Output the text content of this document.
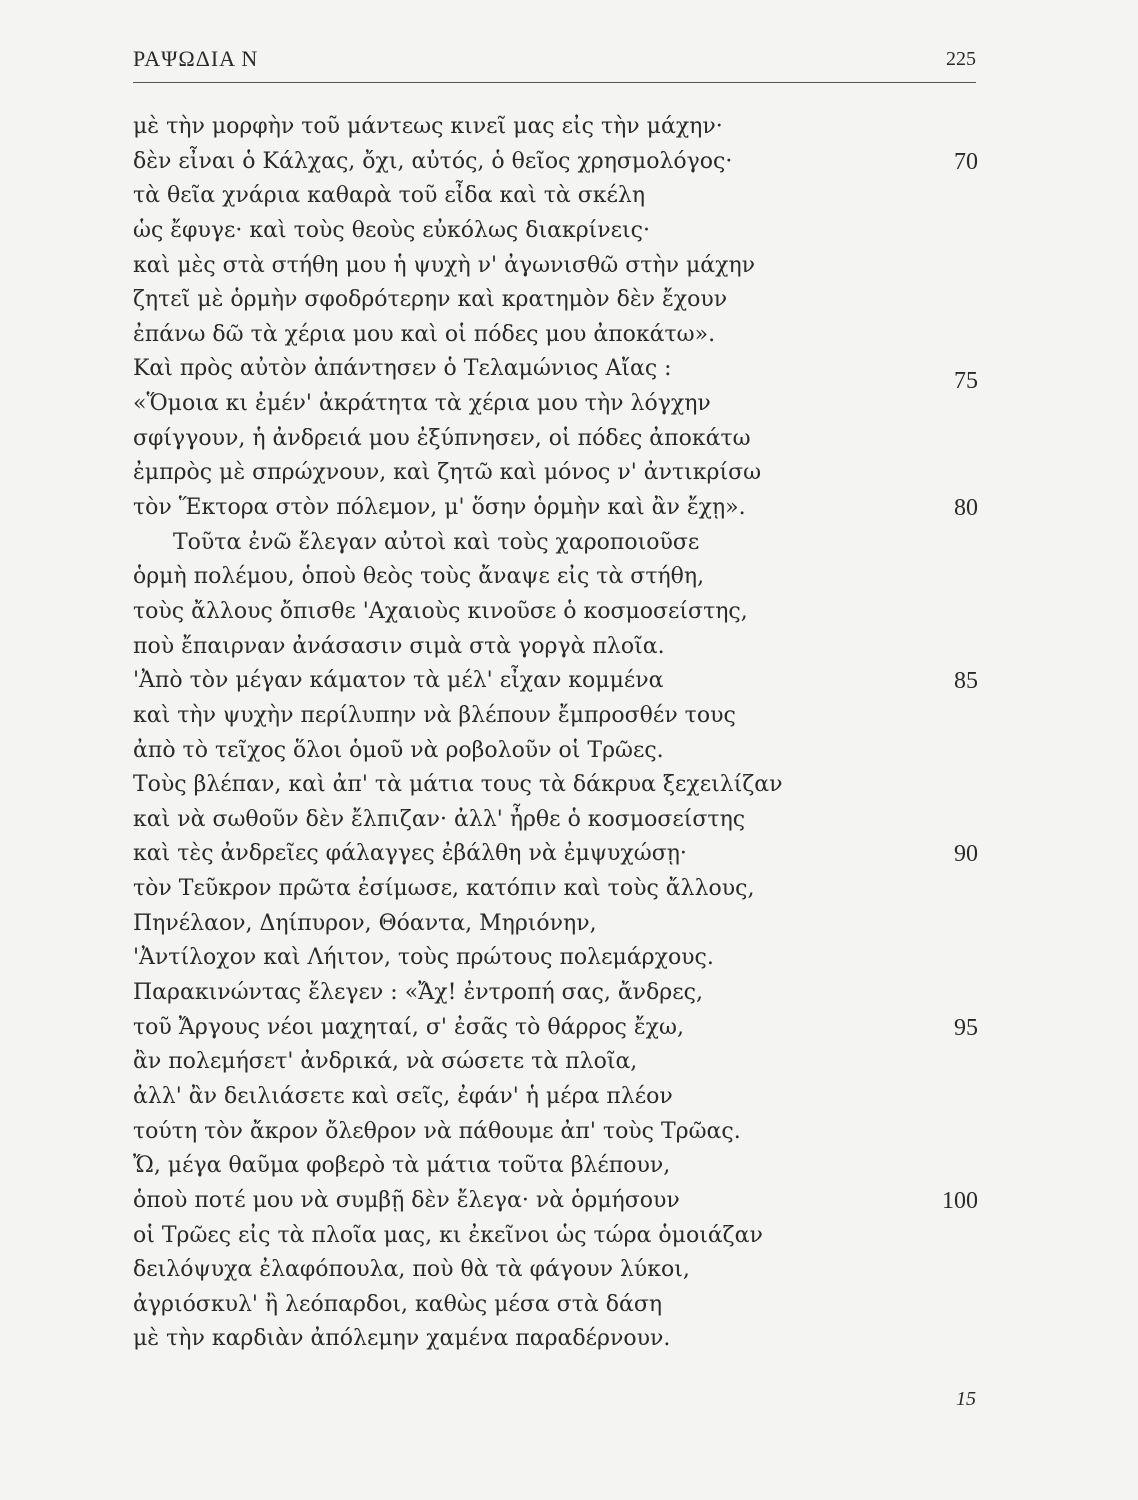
ΡΑΨΩΔΙΑ Ν	225
μὲ τὴν μορφὴν τοῦ μάντεως κινεῖ μας εἰς τὴν μάχην·
δὲν εἶναι ὁ Κάλχας, ὄχι, αὐτός, ὁ θεῖος χρησμολόγος·	70
τὰ θεῖα χνάρια καθαρὰ τοῦ εἶδα καὶ τὰ σκέλη
ὡς ἔφυγε· καὶ τοὺς θεοὺς εὐκόλως διακρίνεις·
καὶ μὲς στὰ στήθη μου ἡ ψυχὴ ν' ἀγωνισθῶ στὴν μάχην
ζητεῖ μὲ ὁρμὴν σφοδρότερην καὶ κρατημὸν δὲν ἔχουν
ἐπάνω δῶ τὰ χέρια μου καὶ οἱ πόδες μου ἀποκάτω».
Καὶ πρὸς αὐτὸν ἀπάντησεν ὁ Τελαμώνιος Αἴας :	75
«Ὅμοια κι ἐμέν' ἀκράτητα τὰ χέρια μου τὴν λόγχην
σφίγγουν, ἡ ἀνδρειά μου ἐξύπνησεν, οἱ πόδες ἀποκάτω
ἐμπρὸς μὲ σπρώχνουν, καὶ ζητῶ καὶ μόνος ν' ἀντικρίσω
τὸν Ἕκτορα στὸν πόλεμον, μ' ὅσην ὁρμὴν καὶ ἂν ἔχῃ».	80
Τοῦτα ἐνῶ ἔλεγαν αὐτοὶ καὶ τοὺς χαροποιοῦσε
ὁρμὴ πολέμου, ὁποὺ θεὸς τοὺς ἄναψε εἰς τὰ στήθη,
τοὺς ἄλλους ὄπισθε 'Αχαιοὺς κινοῦσε ὁ κοσμοσείστης,
ποὺ ἔπαιρναν ἀνάσασιν σιμὰ στὰ γοργὰ πλοῖα.
'Ἀπὸ τὸν μέγαν κάματον τὰ μέλ' εἶχαν κομμένα	85
καὶ τὴν ψυχὴν περίλυπην νὰ βλέπουν ἔμπροσθέν τους
ἀπὸ τὸ τεῖχος ὅλοι ὁμοῦ νὰ ροβολοῦν οἱ Τρῶες.
Τοὺς βλέπαν, καὶ ἀπ' τὰ μάτια τους τὰ δάκρυα ξεχειλίζαν
καὶ νὰ σωθοῦν δὲν ἔλπιζαν· ἀλλ' ἦρθε ὁ κοσμοσείστης
καὶ τὲς ἀνδρεῖες φάλαγγες ἐβάλθη νὰ ἐμψυχώσῃ·	90
τὸν Τεῦκρον πρῶτα ἐσίμωσε, κατόπιν καὶ τοὺς ἄλλους,
Πηνέλαον, Δηίπυρον, Θόαντα, Μηριόνην,
'Ἀντίλοχον καὶ Λήιτον, τοὺς πρώτους πολεμάρχους.
Παρακινώντας ἔλεγεν : «Ἄχ! ἐντροπή σας, ἄνδρες,
τοῦ Ἄργους νέοι μαχηταί, σ' ἐσᾶς τὸ θάρρος ἔχω,	95
ἂν πολεμήσετ' ἀνδρικά, νὰ σώσετε τὰ πλοῖα,
ἀλλ' ἂν δειλιάσετε καὶ σεῖς, ἐφάν' ἡ μέρα πλέον
τούτη τὸν ἄκρον ὄλεθρον νὰ πάθουμε ἀπ' τοὺς Τρῶας.
Ὤ, μέγα θαῦμα φοβερὸ τὰ μάτια τοῦτα βλέπουν,
ὁποὺ ποτέ μου νὰ συμβῇ δὲν ἔλεγα· νὰ ὁρμήσουν	100
οἱ Τρῶες εἰς τὰ πλοῖα μας, κι ἐκεῖνοι ὡς τώρα ὁμοιάζαν
δειλόψυχα ἐλαφόπουλα, ποὺ θὰ τὰ φάγουν λύκοι,
ἀγριόσκυλ' ἢ λεόπαρδοι, καθὼς μέσα στὰ δάση
μὲ τὴν καρδιὰν ἀπόλεμην χαμένα παραδέρνουν.
15
